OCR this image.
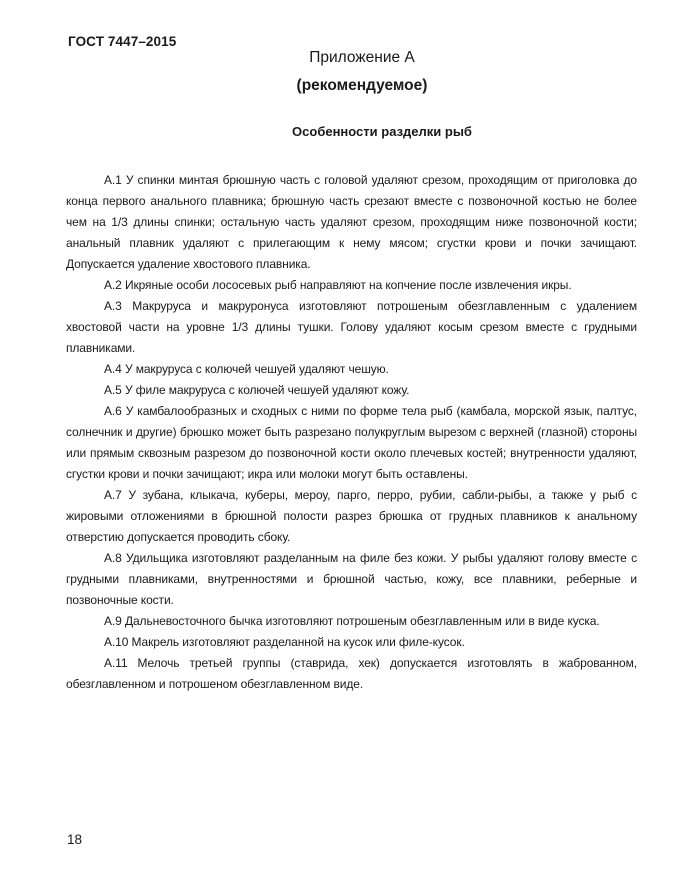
ГОСТ 7447–2015
Приложение А
(рекомендуемое)
Особенности разделки рыб

А.1 У спинки минтая брюшную часть с головой удаляют срезом, проходящим от приголовка до конца первого анального плавника; брюшную часть срезают вместе с позвоночной костью не более чем на 1/3 длины спинки; остальную часть удаляют срезом, проходящим ниже позвоночной кости; анальный плавник удаляют с прилегающим к нему мясом; сгустки крови и почки зачищают. Допускается удаление хвостового плавника.

А.2 Икряные особи лососевых рыб направляют на копчение после извлечения икры.

А.3 Макруруса и макруронуса изготовляют потрошеным обезглавленным с удалением хвостовой части на уровне 1/3 длины тушки. Голову удаляют косым срезом вместе с грудными плавниками.

А.4 У макруруса с колючей чешуей удаляют чешую.

А.5 У филе макруруса с колючей чешуей удаляют кожу.

А.6 У камбалообразных и сходных с ними по форме тела рыб (камбала, морской язык, палтус, солнечник и другие) брюшко может быть разрезано полукруглым вырезом с верхней (глазной) стороны или прямым сквозным разрезом до позвоночной кости около плечевых костей; внутренности удаляют, сгустки крови и почки зачищают; икра или молоки могут быть оставлены.

А.7 У зубана, клыкача, куберы, мероу, парго, перро, рубии, сабли-рыбы, а также у рыб с жировыми отложениями в брюшной полости разрез брюшка от грудных плавников к анальному отверстию допускается проводить сбоку.

А.8 Удильщика изготовляют разделанным на филе без кожи. У рыбы удаляют голову вместе с грудными плавниками, внутренностями и брюшной частью, кожу, все плавники, реберные и позвоночные кости.

А.9 Дальневосточного бычка изготовляют потрошеным обезглавленным или в виде куска.

А.10 Макрель изготовляют разделанной на кусок или филе-кусок.

А.11 Мелочь третьей группы (ставрида, хек) допускается изготовлять в жаброванном, обезглавленном и потрошеном обезглавленном виде.

18
